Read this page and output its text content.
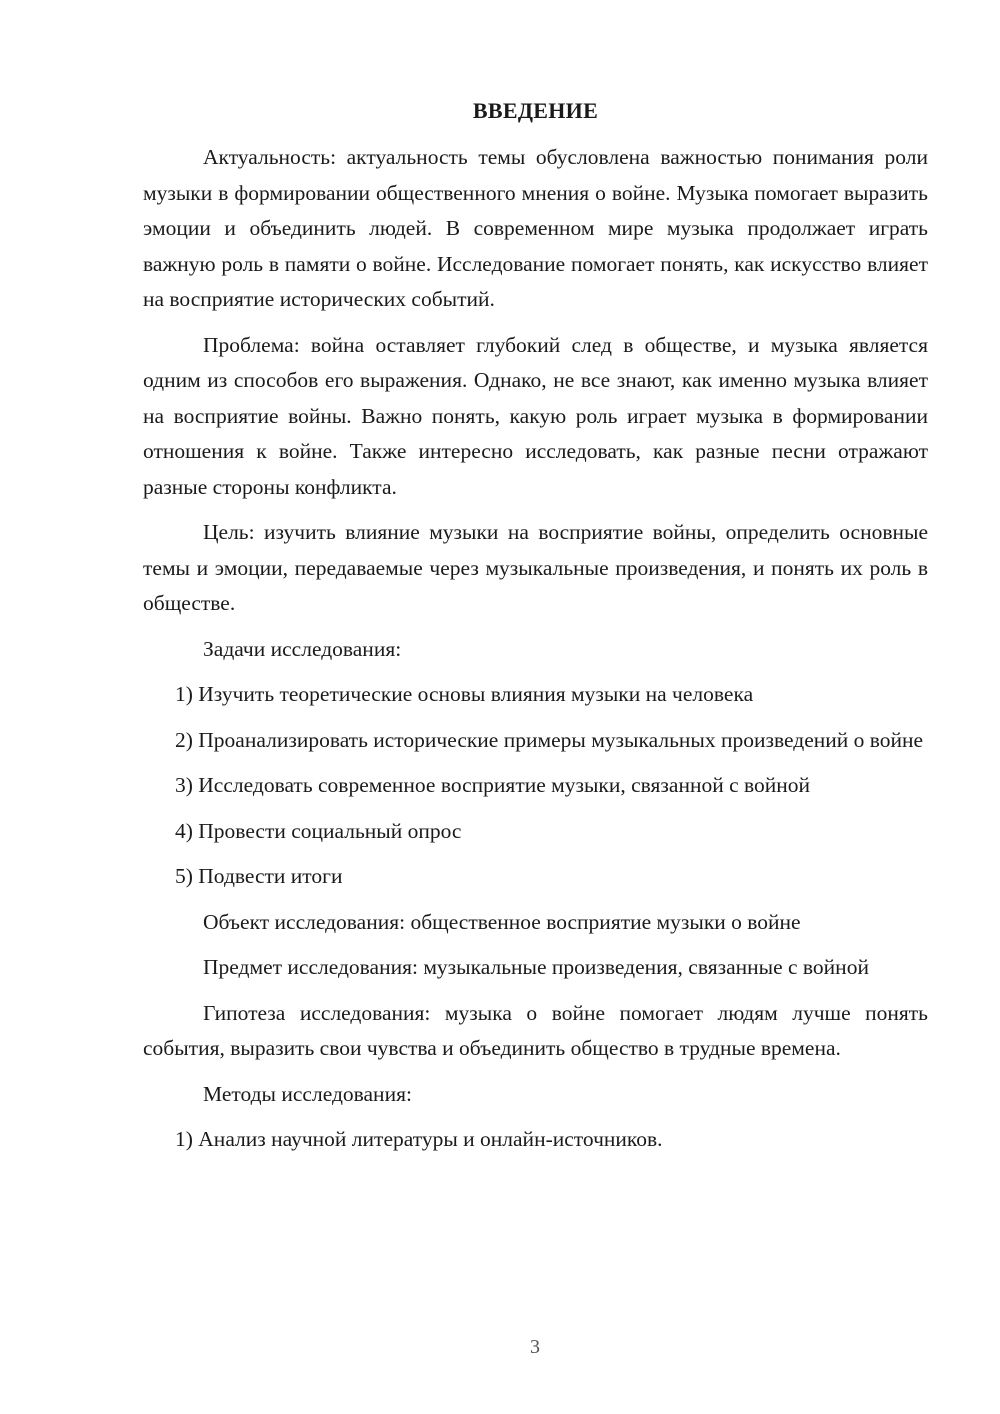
ВВЕДЕНИЕ

Актуальность: актуальность темы обусловлена важностью понимания роли музыки в формировании общественного мнения о войне. Музыка помогает выразить эмоции и объединить людей. В современном мире музыка продолжает играть важную роль в памяти о войне. Исследование помогает понять, как искусство влияет на восприятие исторических событий.

Проблема: война оставляет глубокий след в обществе, и музыка является одним из способов его выражения. Однако, не все знают, как именно музыка влияет на восприятие войны. Важно понять, какую роль играет музыка в формировании отношения к войне. Также интересно исследовать, как разные песни отражают разные стороны конфликта.

Цель: изучить влияние музыки на восприятие войны, определить основные темы и эмоции, передаваемые через музыкальные произведения, и понять их роль в обществе.

Задачи исследования:

1) Изучить теоретические основы влияния музыки на человека

2) Проанализировать исторические примеры музыкальных произведений о войне

3) Исследовать современное восприятие музыки, связанной с войной

4) Провести социальный опрос

5) Подвести итоги

Объект исследования: общественное восприятие музыки о войне

Предмет исследования: музыкальные произведения, связанные с войной

Гипотеза исследования: музыка о войне помогает людям лучше понять события, выразить свои чувства и объединить общество в трудные времена.

Методы исследования:

1) Анализ научной литературы и онлайн-источников.

3
